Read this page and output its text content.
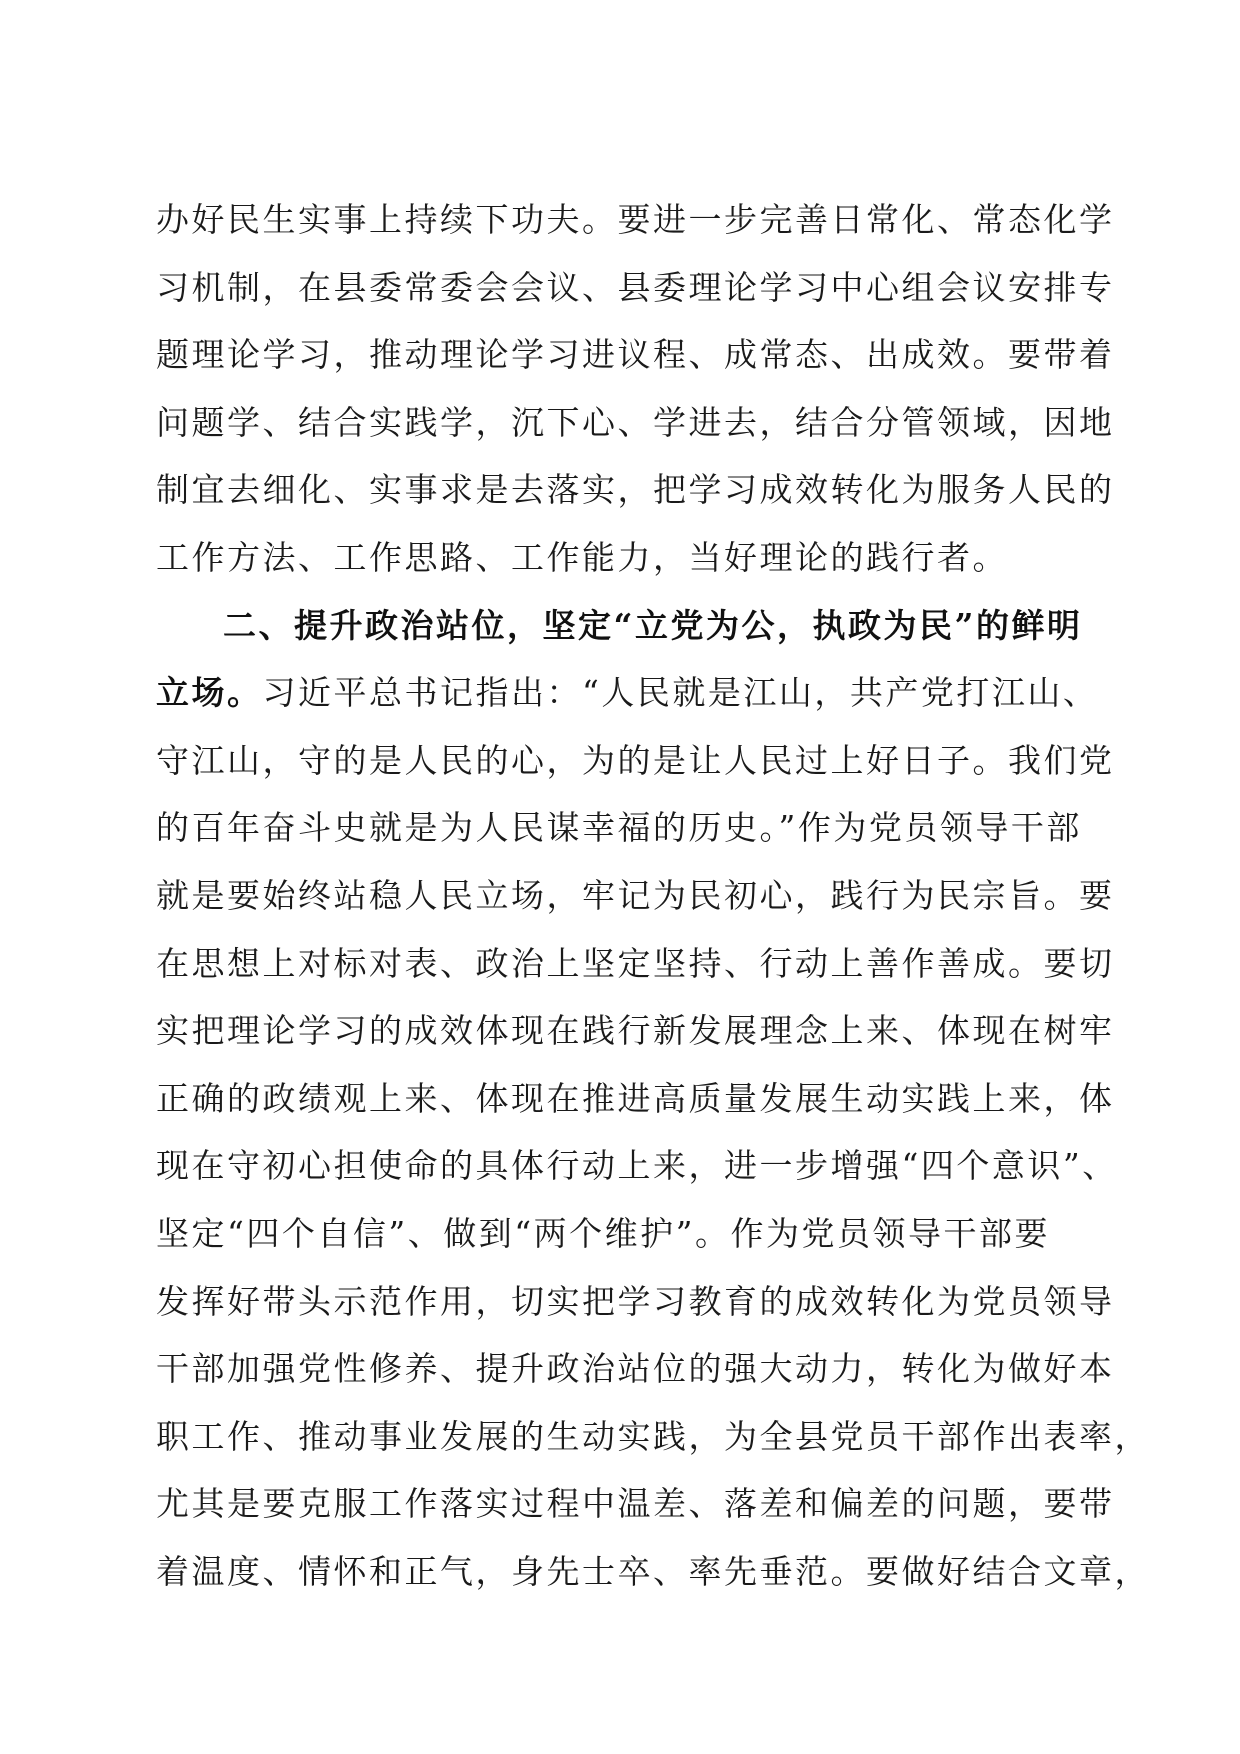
办好民生实事上持续下功夫。要进一步完善日常化、常态化学
习机制，在县委常委会会议、县委理论学习中心组会议安排专
题理论学习，推动理论学习进议程、成常态、出成效。要带着
问题学、结合实践学，沉下心、学进去，结合分管领域，因地
制宜去细化、实事求是去落实，把学习成效转化为服务人民的
工作方法、工作思路、工作能力，当好理论的践行者。
二、提升政治站位，坚定“立党为公，执政为民”的鲜明
立场。习近平总书记指出：“人民就是江山，共产党打江山、
守江山，守的是人民的心，为的是让人民过上好日子。我们党
的百年奋斗史就是为人民谋幸福的历史。”作为党员领导干部
就是要始终站稳人民立场，牢记为民初心，践行为民宗旨。要
在思想上对标对表、政治上坚定坚持、行动上善作善成。要切
实把理论学习的成效体现在践行新发展理念上来、体现在树牢
正确的政绩观上来、体现在推进高质量发展生动实践上来，体
现在守初心担使命的具体行动上来，进一步增强“四个意识”、
坚定“四个自信”、做到“两个维护”。作为党员领导干部要
发挥好带头示范作用，切实把学习教育的成效转化为党员领导
干部加强党性修养、提升政治站位的强大动力，转化为做好本
职工作、推动事业发展的生动实践，为全县党员干部作出表率，
尤其是要克服工作落实过程中温差、落差和偏差的问题，要带
着温度、情怀和正气，身先士卒、率先垂范。要做好结合文章，
